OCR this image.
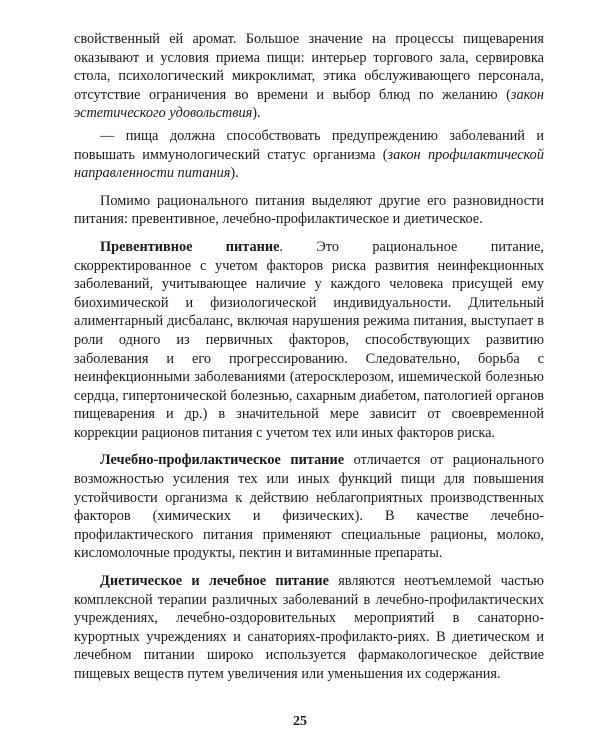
свойственный ей аромат. Большое значение на процессы пищеварения оказывают и условия приема пищи: интерьер торгового зала, сервировка стола, психологический микроклимат, этика обслуживающего персонала, отсутствие ограничения во времени и выбор блюд по желанию (закон эстетического удовольствия).

— пища должна способствовать предупреждению заболеваний и повышать иммунологический статус организма (закон профилактической направленности питания).

Помимо рационального питания выделяют другие его разновидности питания: превентивное, лечебно-профилактическое и диетическое.

Превентивное питание. Это рациональное питание, скорректированное с учетом факторов риска развития неинфекционных заболеваний, учитывающее наличие у каждого человека присущей ему биохимической и физиологической индивидуальности. Длительный алиментарный дисбаланс, включая нарушения режима питания, выступает в роли одного из первичных факторов, способствующих развитию заболевания и его прогрессированию. Следовательно, борьба с неинфекционными заболеваниями (атеросклерозом, ишемической болезнью сердца, гипертонической болезнью, сахарным диабетом, патологией органов пищеварения и др.) в значительной мере зависит от своевременной коррекции рационов питания с учетом тех или иных факторов риска.

Лечебно-профилактическое питание отличается от рационального возможностью усиления тех или иных функций пищи для повышения устойчивости организма к действию неблагоприятных производственных факторов (химических и физических). В качестве лечебно-профилактического питания применяют специальные рационы, молоко, кисломолочные продукты, пектин и витаминные препараты.

Диетическое и лечебное питание являются неотъемлемой частью комплексной терапии различных заболеваний в лечебно-профилактических учреждениях, лечебно-оздоровительных мероприятий в санаторно-курортных учреждениях и санаториях-профилакто-риях. В диетическом и лечебном питании широко используется фармакологическое действие пищевых веществ путем увеличения или уменьшения их содержания.

25
